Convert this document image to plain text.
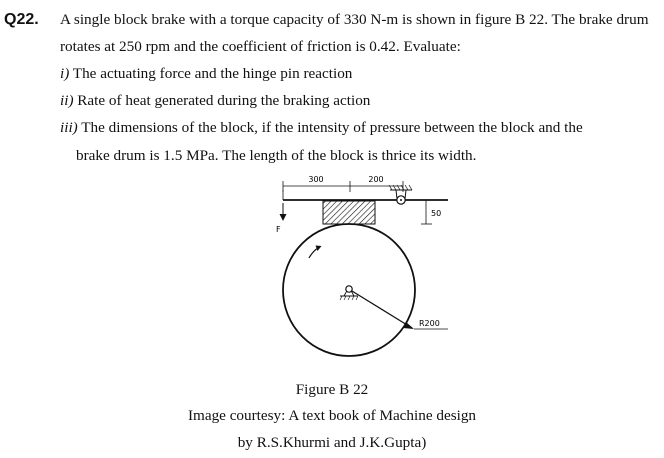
Q22. A single block brake with a torque capacity of 330 N-m is shown in figure B 22. The brake drum
rotates at 250 rpm and the coefficient of friction is 0.42. Evaluate:
i) The actuating force and the hinge pin reaction
ii) Rate of heat generated during the braking action
iii) The dimensions of the block, if the intensity of pressure between the block and the
brake drum is 1.5 MPa. The length of the block is thrice its width.
300	200
F
50
R200
Figure B 22
Image courtesy: A text book of Machine design
by R.S.Khurmi and J.K.Gupta)
